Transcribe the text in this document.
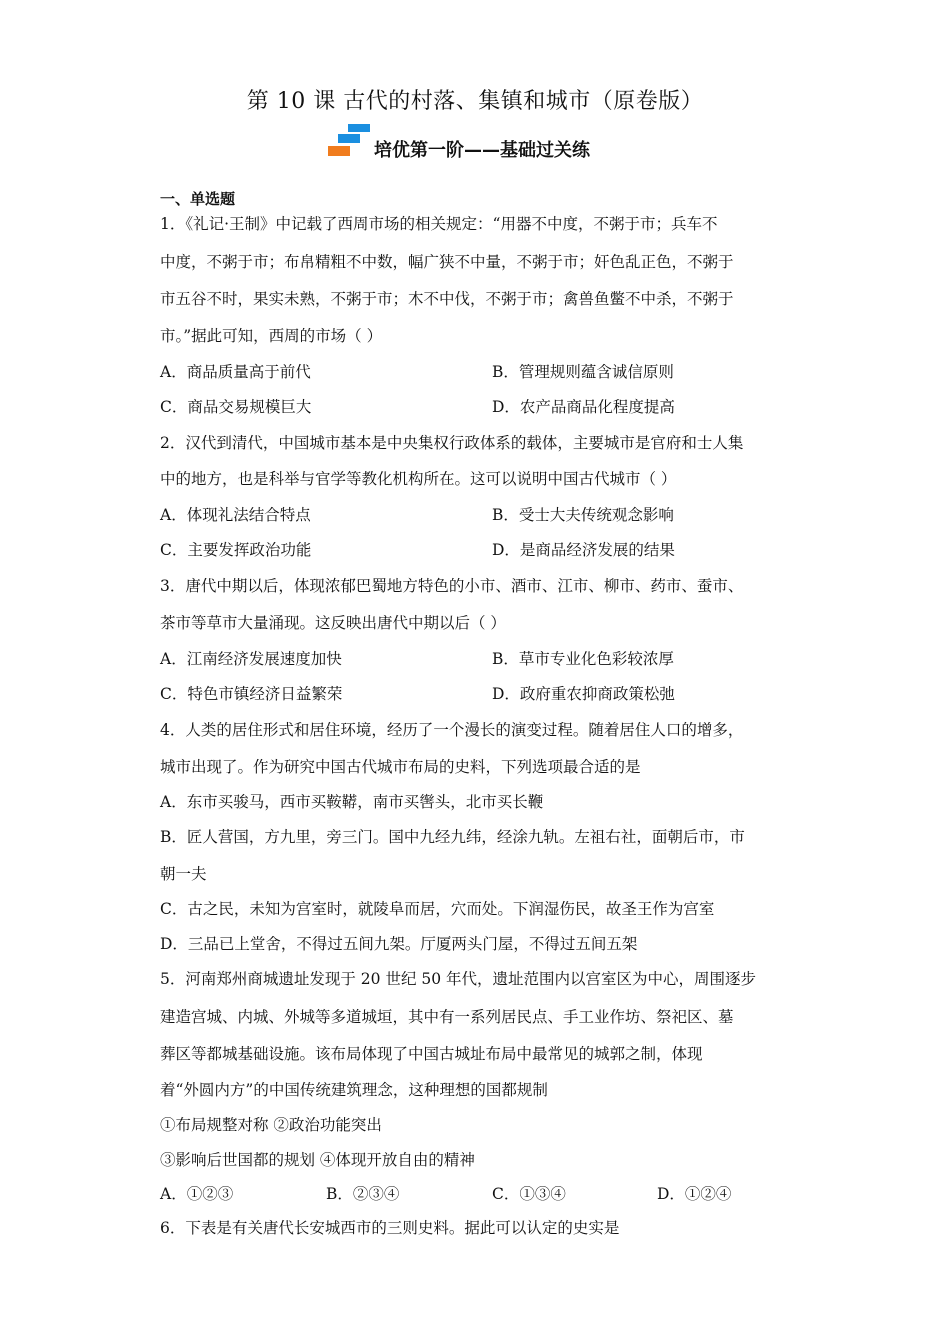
第 10 课 古代的村落、集镇和城市（原卷版）
培优第一阶——基础过关练
一、单选题
1．《礼记·王制》中记载了西周市场的相关规定：“用器不中度，不粥于市；兵车不
中度，不粥于市；布帛精粗不中数，幅广狭不中量，不粥于市；奸色乱正色，不粥于
市五谷不时，果实未熟，不粥于市；木不中伐，不粥于市；禽兽鱼鳖不中杀，不粥于
市。”据此可知，西周的市场（ ）
A．商品质量高于前代	B．管理规则蕴含诚信原则
C．商品交易规模巨大	D．农产品商品化程度提高
2．汉代到清代，中国城市基本是中央集权行政体系的载体，主要城市是官府和士人集
中的地方，也是科举与官学等教化机构所在。这可以说明中国古代城市（ ）
A．体现礼法结合特点	B．受士大夫传统观念影响
C．主要发挥政治功能	D．是商品经济发展的结果
3．唐代中期以后，体现浓郁巴蜀地方特色的小市、酒市、江市、柳市、药市、蚕市、
茶市等草市大量涌现。这反映出唐代中期以后（ ）
A．江南经济发展速度加快	B．草市专业化色彩较浓厚
C．特色市镇经济日益繁荣	D．政府重农抑商政策松弛
4．人类的居住形式和居住环境，经历了一个漫长的演变过程。随着居住人口的增多，
城市出现了。作为研究中国古代城市布局的史料，下列选项最合适的是
A．东市买骏马，西市买鞍鞯，南市买辔头，北市买长鞭
B．匠人营国，方九里，旁三门。国中九经九纬，经涂九轨。左祖右社，面朝后市，市
朝一夫
C．古之民，未知为宫室时，就陵阜而居，穴而处。下润湿伤民，故圣王作为宫室
D．三品已上堂舍，不得过五间九架。厅厦两头门屋，不得过五间五架
5．河南郑州商城遗址发现于 20 世纪 50 年代，遗址范围内以宫室区为中心，周围逐步
建造宫城、内城、外城等多道城垣，其中有一系列居民点、手工业作坊、祭祀区、墓
葬区等都城基础设施。该布局体现了中国古城址布局中最常见的城郭之制，体现
着“外圆内方”的中国传统建筑理念，这种理想的国都规制
①布局规整对称 ②政治功能突出
③影响后世国都的规划 ④体现开放自由的精神
A．①②③	B．②③④	C．①③④	D．①②④
6．下表是有关唐代长安城西市的三则史料。据此可以认定的史实是
